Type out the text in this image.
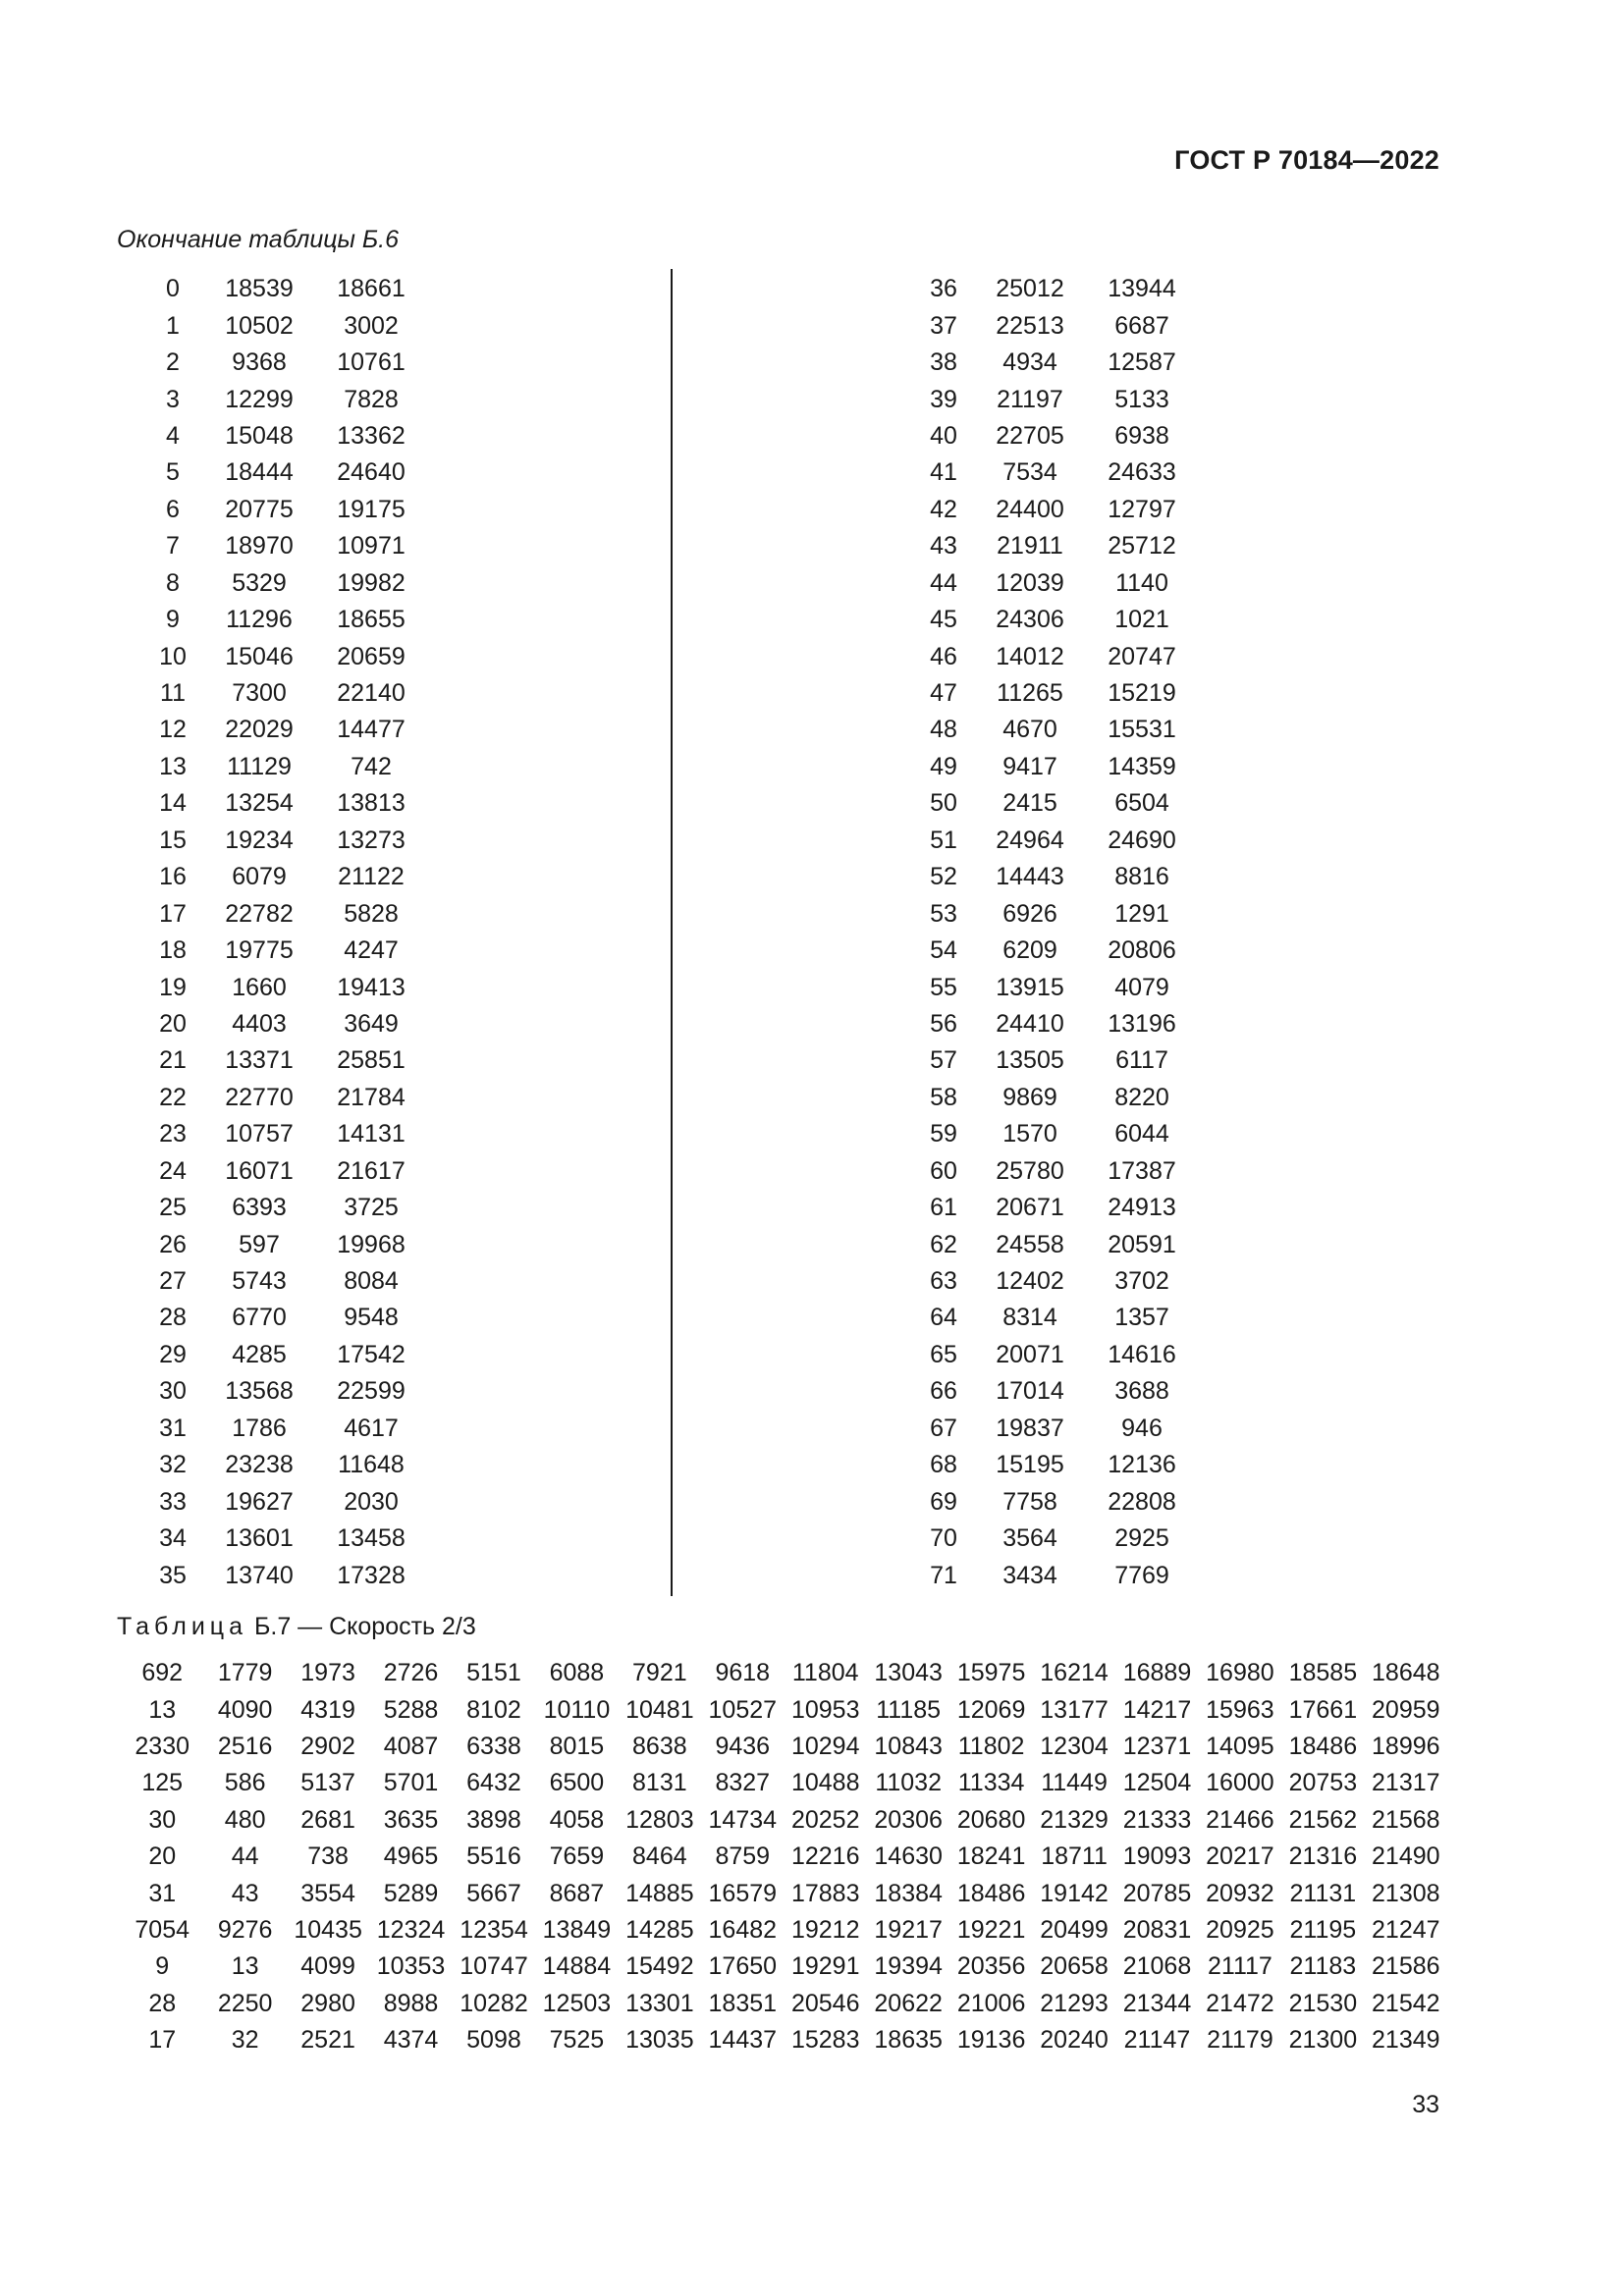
ГОСТ Р 70184—2022
Окончание таблицы Б.6
0	18539	18661
1	10502	3002
2	9368	10761
3	12299	7828
4	15048	13362
5	18444	24640
6	20775	19175
7	18970	10971
8	5329	19982
9	11296	18655
10	15046	20659
11	7300	22140
12	22029	14477
13	11129	742
14	13254	13813
15	19234	13273
16	6079	21122
17	22782	5828
18	19775	4247
19	1660	19413
20	4403	3649
21	13371	25851
22	22770	21784
23	10757	14131
24	16071	21617
25	6393	3725
26	597	19968
27	5743	8084
28	6770	9548
29	4285	17542
30	13568	22599
31	1786	4617
32	23238	11648
33	19627	2030
34	13601	13458
35	13740	17328
36	25012	13944
37	22513	6687
38	4934	12587
39	21197	5133
40	22705	6938
41	7534	24633
42	24400	12797
43	21911	25712
44	12039	1140
45	24306	1021
46	14012	20747
47	11265	15219
48	4670	15531
49	9417	14359
50	2415	6504
51	24964	24690
52	14443	8816
53	6926	1291
54	6209	20806
55	13915	4079
56	24410	13196
57	13505	6117
58	9869	8220
59	1570	6044
60	25780	17387
61	20671	24913
62	24558	20591
63	12402	3702
64	8314	1357
65	20071	14616
66	17014	3688
67	19837	946
68	15195	12136
69	7758	22808
70	3564	2925
71	3434	7769
Таблица Б.7 — Скорость 2/3
692	1779	1973	2726	5151	6088	7921	9618	11804	13043	15975	16214	16889	16980	18585	18648
13	4090	4319	5288	8102	10110	10481	10527	10953	11185	12069	13177	14217	15963	17661	20959
2330	2516	2902	4087	6338	8015	8638	9436	10294	10843	11802	12304	12371	14095	18486	18996
125	586	5137	5701	6432	6500	8131	8327	10488	11032	11334	11449	12504	16000	20753	21317
30	480	2681	3635	3898	4058	12803	14734	20252	20306	20680	21329	21333	21466	21562	21568
20	44	738	4965	5516	7659	8464	8759	12216	14630	18241	18711	19093	20217	21316	21490
31	43	3554	5289	5667	8687	14885	16579	17883	18384	18486	19142	20785	20932	21131	21308
7054	9276	10435	12324	12354	13849	14285	16482	19212	19217	19221	20499	20831	20925	21195	21247
9	13	4099	10353	10747	14884	15492	17650	19291	19394	20356	20658	21068	21117	21183	21586
28	2250	2980	8988	10282	12503	13301	18351	20546	20622	21006	21293	21344	21472	21530	21542
17	32	2521	4374	5098	7525	13035	14437	15283	18635	19136	20240	21147	21179	21300	21349
33
